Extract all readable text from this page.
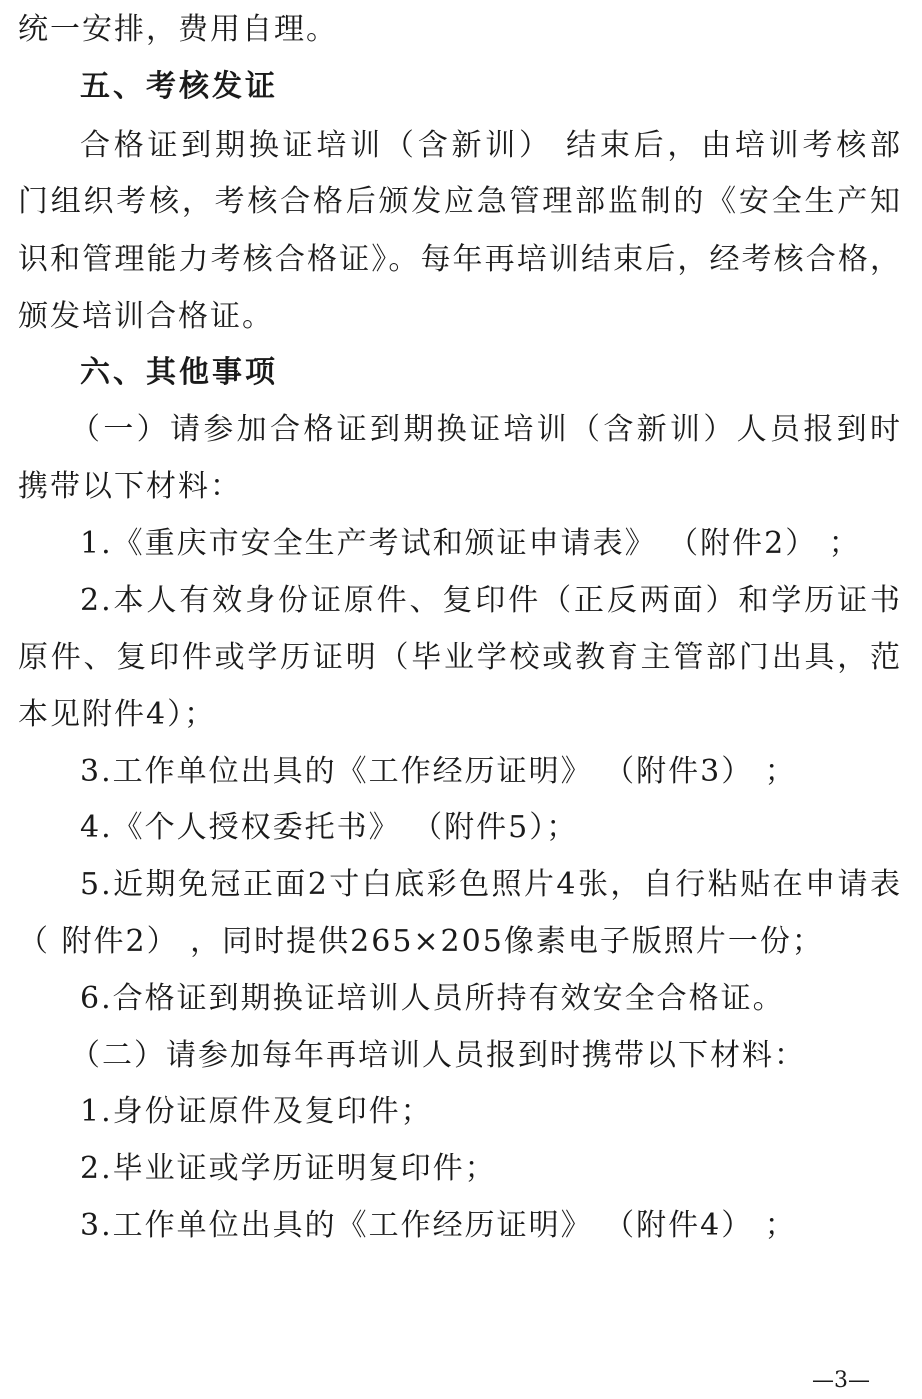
统一安排，费用自理。
五、考核发证
合格证到期换证培训（含新训） 结束后，由培训考核部
门组织考核，考核合格后颁发应急管理部监制的《安全生产知
识和管理能力考核合格证》。每年再培训结束后，经考核合格，
颁发培训合格证。
六、其他事项
（一）请参加合格证到期换证培训（含新训）人员报到时
携带以下材料：
1.《重庆市安全生产考试和颁证申请表》 （附件2） ；
2.本人有效身份证原件、复印件（正反两面）和学历证书
原件、复印件或学历证明（毕业学校或教育主管部门出具，范
本见附件4）；
3.工作单位出具的《工作经历证明》 （附件3） ；
4.《个人授权委托书》 （附件5）；
5.近期免冠正面2寸白底彩色照片4张，自行粘贴在申请表
（ 附件2） ，同时提供265×205像素电子版照片一份；
6.合格证到期换证培训人员所持有效安全合格证。
（二）请参加每年再培训人员报到时携带以下材料：
1.身份证原件及复印件；
2.毕业证或学历证明复印件；
3.工作单位出具的《工作经历证明》 （附件4） ；
—3—
